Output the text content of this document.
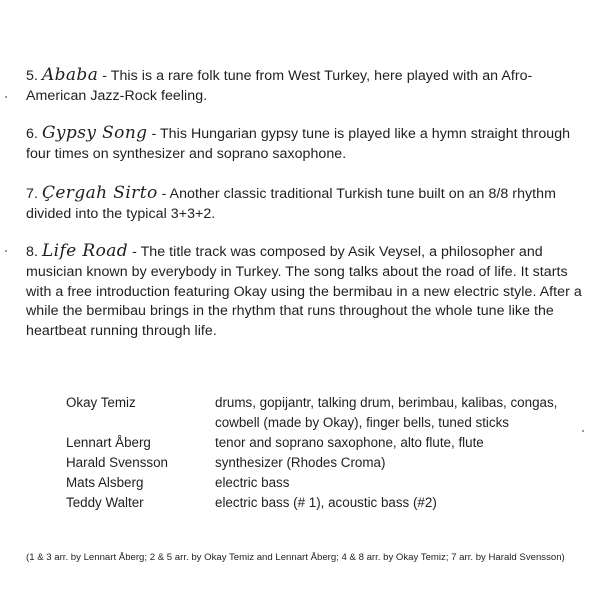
5. Ababa - This is a rare folk tune from West Turkey, here played with an Afro-American Jazz-Rock feeling.

6. Gypsy Song - This Hungarian gypsy tune is played like a hymn straight through four times on synthesizer and soprano saxophone.

7. Çergah Sirto - Another classic traditional Turkish tune built on an 8/8 rhythm divided into the typical 3+3+2.

8. Life Road - The title track was composed by Asik Veysel, a philosopher and musician known by everybody in Turkey. The song talks about the road of life. It starts with a free introduction featuring Okay using the bermibau in a new electric style. After a while the bermibau brings in the rhythm that runs throughout the whole tune like the heartbeat running through life.

Okay Temiz	drums, gopijantr, talking drum, berimbau, kalibas, congas, cowbell (made by Okay), finger bells, tuned sticks
Lennart Åberg	tenor and soprano saxophone, alto flute, flute
Harald Svensson	synthesizer (Rhodes Croma)
Mats Alsberg	electric bass
Teddy Walter	electric bass (# 1), acoustic bass (#2)
(1 & 3 arr. by Lennart Åberg; 2 & 5 arr. by Okay Temiz and Lennart Åberg; 4 & 8 arr. by Okay Temiz; 7 arr. by Harald Svensson)
